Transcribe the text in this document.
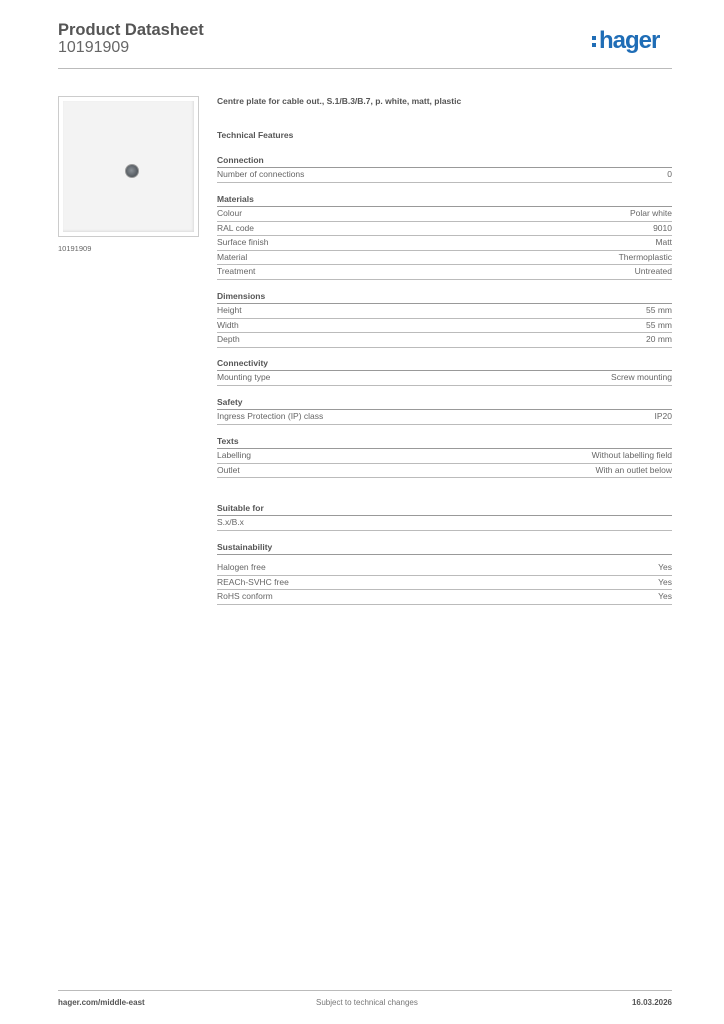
Product Datasheet
10191909	hager
10191909
Centre plate for cable out., S.1/B.3/B.7, p. white, matt, plastic
Technical Features
Connection
Number of connections	0
Materials
Colour	Polar white
RAL code	9010
Surface finish	Matt
Material	Thermoplastic
Treatment	Untreated
Dimensions
Height	55 mm
Width	55 mm
Depth	20 mm
Connectivity
Mounting type	Screw mounting
Safety
Ingress Protection (IP) class	IP20
Texts
Labelling	Without labelling field
Outlet	With an outlet below
Suitable for
S.x/B.x
Sustainability
Halogen free	Yes
REACh-SVHC free	Yes
RoHS conform	Yes
hager.com/middle-east	Subject to technical changes	16.03.2026
